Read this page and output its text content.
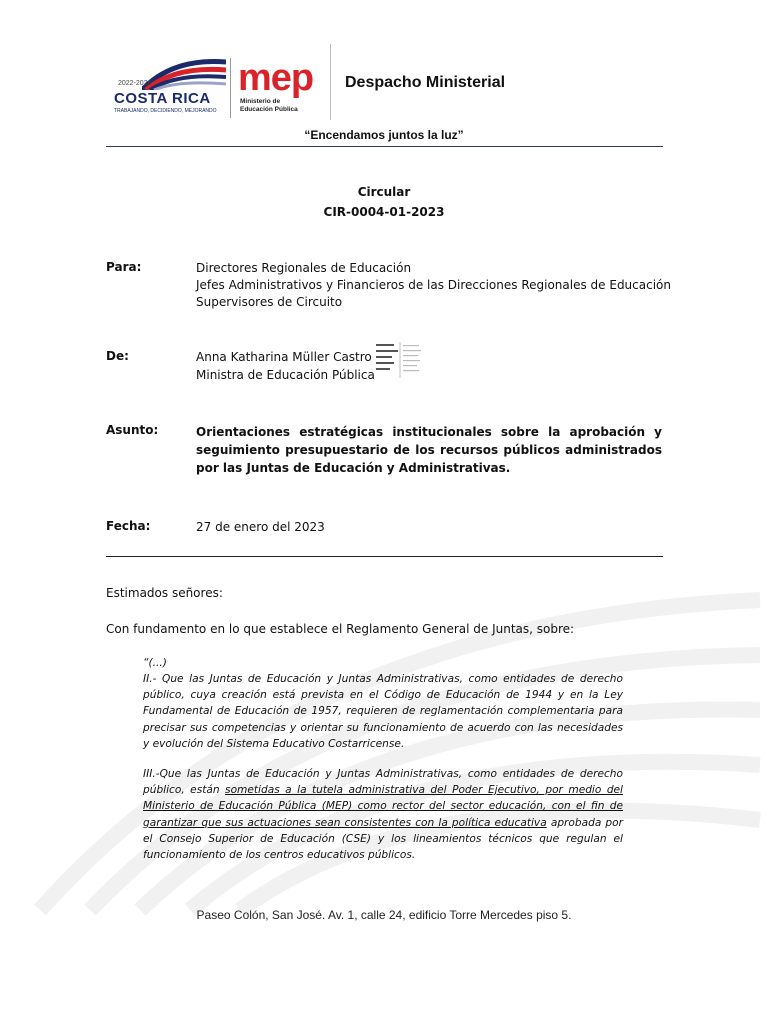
2022-2026
COSTA RICA
TRABAJANDO, DECIDIENDO, MEJORANDO
mep
Ministerio de
Educación Pública
Despacho Ministerial
“Encendamos juntos la luz”
Circular
CIR-0004-01-2023
Para:	Directores Regionales de Educación
Jefes Administrativos y Financieros de las Direcciones Regionales de Educación
Supervisores de Circuito
De:	Anna Katharina Müller Castro
Ministra de Educación Pública
Asunto:	Orientaciones estratégicas institucionales sobre la aprobación y seguimiento presupuestario de los recursos públicos administrados por las Juntas de Educación y Administrativas.
Fecha:	27 de enero del 2023
Estimados señores:
Con fundamento en lo que establece el Reglamento General de Juntas, sobre:
“(...)
II.- Que las Juntas de Educación y Juntas Administrativas, como entidades de derecho público, cuya creación está prevista en el Código de Educación de 1944 y en la Ley Fundamental de Educación de 1957, requieren de reglamentación complementaria para precisar sus competencias y orientar su funcionamiento de acuerdo con las necesidades y evolución del Sistema Educativo Costarricense.
III.-Que las Juntas de Educación y Juntas Administrativas, como entidades de derecho público, están sometidas a la tutela administrativa del Poder Ejecutivo, por medio del Ministerio de Educación Pública (MEP) como rector del sector educación, con el fin de garantizar que sus actuaciones sean consistentes con la política educativa aprobada por el Consejo Superior de Educación (CSE) y los lineamientos técnicos que regulan el funcionamiento de los centros educativos públicos.
Paseo Colón, San José. Av. 1, calle 24, edificio Torre Mercedes piso 5.
